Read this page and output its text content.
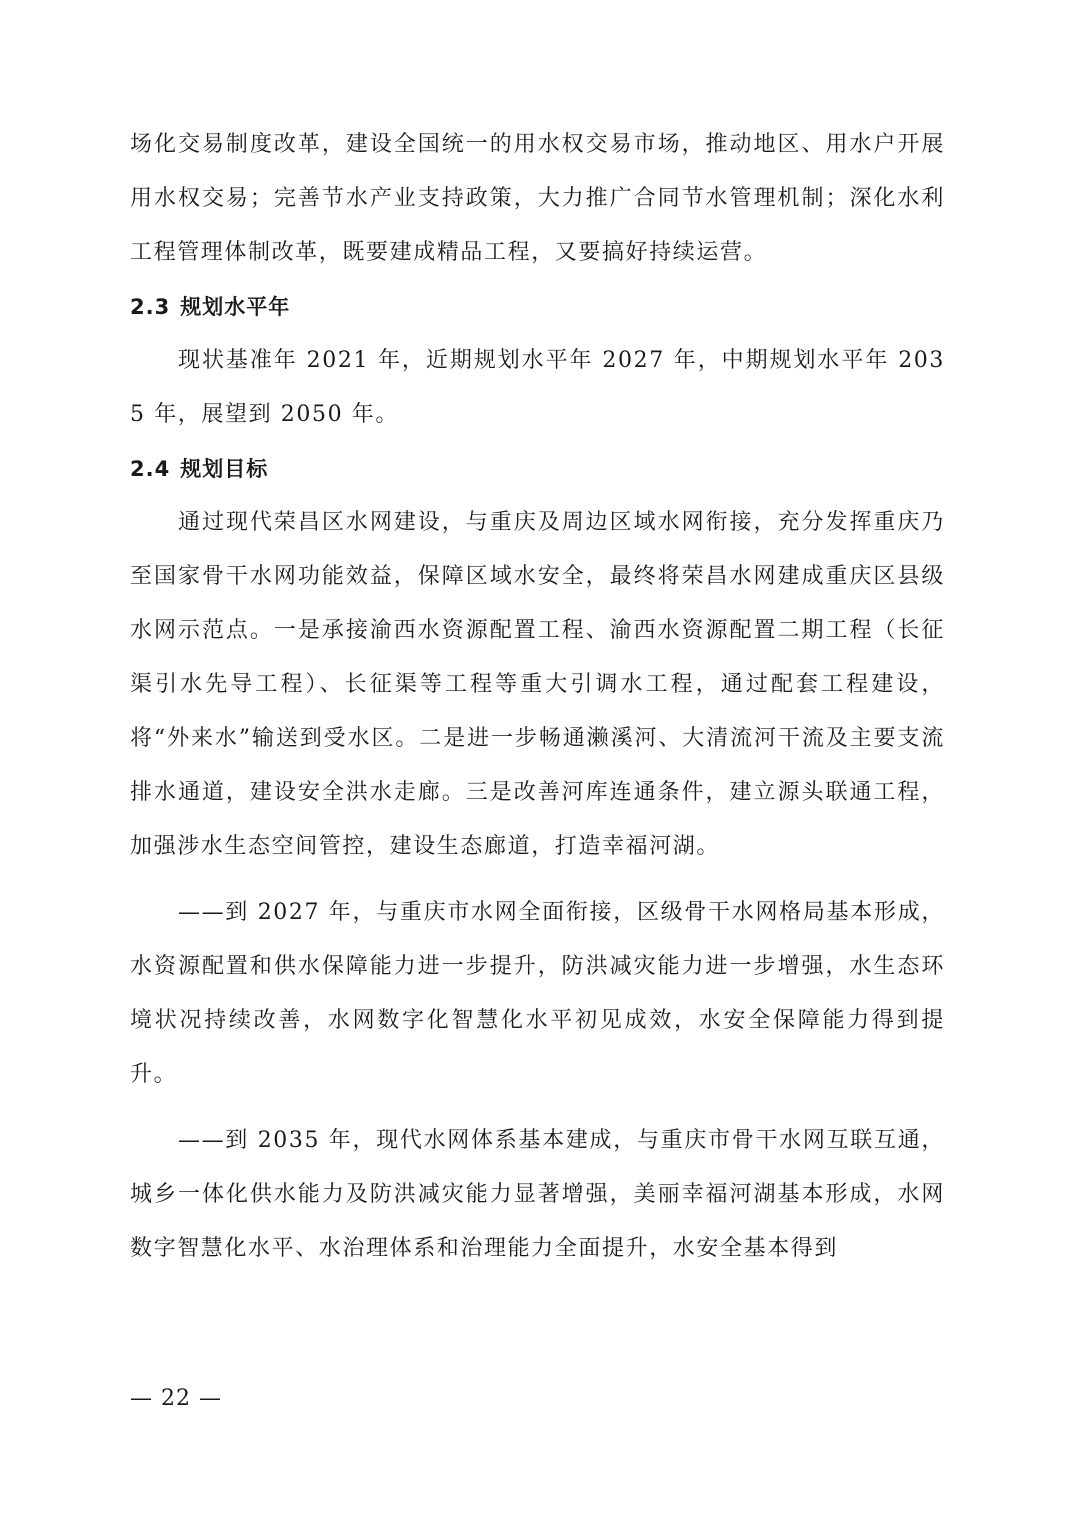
场化交易制度改革，建设全国统一的用水权交易市场，推动地区、用水户开展用水权交易；完善节水产业支持政策，大力推广合同节水管理机制；深化水利工程管理体制改革，既要建成精品工程，又要搞好持续运营。

2.3 规划水平年

现状基准年 2021 年，近期规划水平年 2027 年，中期规划水平年 2035 年，展望到 2050 年。

2.4 规划目标

通过现代荣昌区水网建设，与重庆及周边区域水网衔接，充分发挥重庆乃至国家骨干水网功能效益，保障区域水安全，最终将荣昌水网建成重庆区县级水网示范点。一是承接渝西水资源配置工程、渝西水资源配置二期工程（长征渠引水先导工程）、长征渠等工程等重大引调水工程，通过配套工程建设，将“外来水”输送到受水区。二是进一步畅通濑溪河、大清流河干流及主要支流排水通道，建设安全洪水走廊。三是改善河库连通条件，建立源头联通工程，加强涉水生态空间管控，建设生态廊道，打造幸福河湖。

——到 2027 年，与重庆市水网全面衔接，区级骨干水网格局基本形成，水资源配置和供水保障能力进一步提升，防洪减灾能力进一步增强，水生态环境状况持续改善，水网数字化智慧化水平初见成效，水安全保障能力得到提升。

——到 2035 年，现代水网体系基本建成，与重庆市骨干水网互联互通，城乡一体化供水能力及防洪减灾能力显著增强，美丽幸福河湖基本形成，水网数字智慧化水平、水治理体系和治理能力全面提升，水安全基本得到

— 22 —
